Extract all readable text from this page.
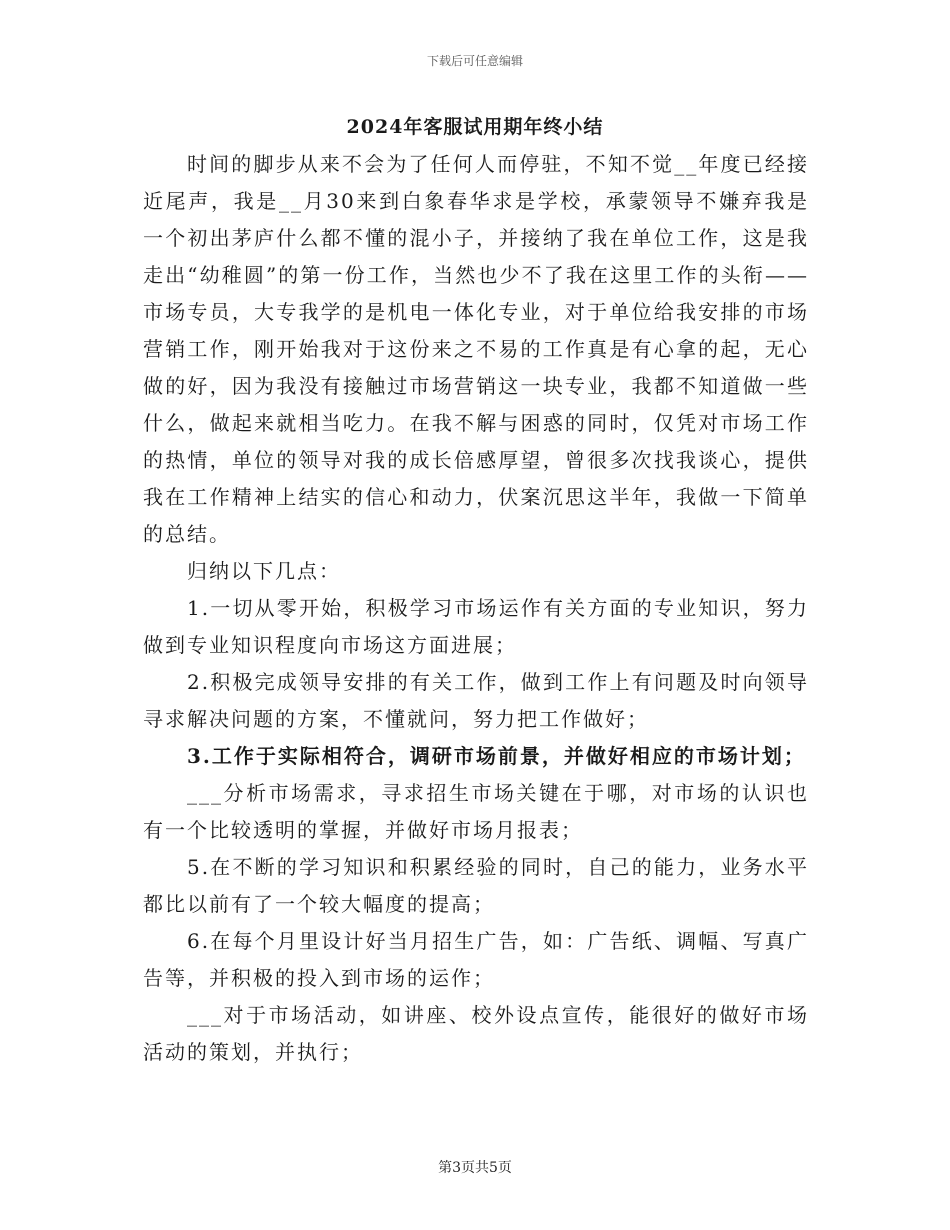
下载后可任意编辑
2024年客服试用期年终小结

时间的脚步从来不会为了任何人而停驻，不知不觉__年度已经接近尾声，我是__月30来到白象春华求是学校，承蒙领导不嫌弃我是一个初出茅庐什么都不懂的混小子，并接纳了我在单位工作，这是我走出“幼稚圆”的第一份工作，当然也少不了我在这里工作的头衔——市场专员，大专我学的是机电一体化专业，对于单位给我安排的市场营销工作，刚开始我对于这份来之不易的工作真是有心拿的起，无心做的好，因为我没有接触过市场营销这一块专业，我都不知道做一些什么，做起来就相当吃力。在我不解与困惑的同时，仅凭对市场工作的热情，单位的领导对我的成长倍感厚望，曾很多次找我谈心，提供我在工作精神上结实的信心和动力，伏案沉思这半年，我做一下简单的总结。

归纳以下几点：

1.一切从零开始，积极学习市场运作有关方面的专业知识，努力做到专业知识程度向市场这方面进展；

2.积极完成领导安排的有关工作，做到工作上有问题及时向领导寻求解决问题的方案，不懂就问，努力把工作做好；

3.工作于实际相符合，调研市场前景，并做好相应的市场计划；

___分析市场需求，寻求招生市场关键在于哪，对市场的认识也有一个比较透明的掌握，并做好市场月报表；

5.在不断的学习知识和积累经验的同时，自己的能力，业务水平都比以前有了一个较大幅度的提高；

6.在每个月里设计好当月招生广告，如：广告纸、调幅、写真广告等，并积极的投入到市场的运作；

___对于市场活动，如讲座、校外设点宣传，能很好的做好市场活动的策划，并执行；

第3页共5页
